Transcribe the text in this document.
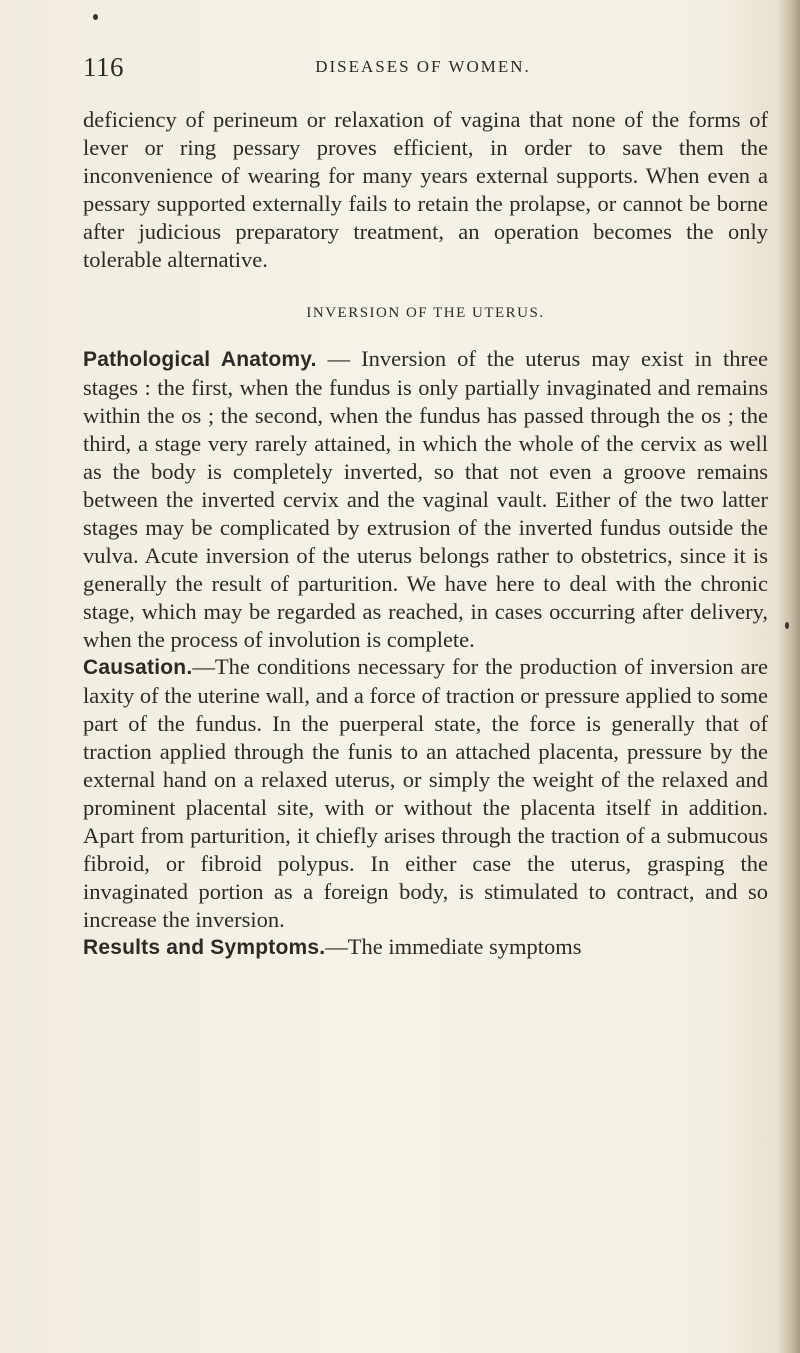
116	DISEASES OF WOMEN.

deficiency of perineum or relaxation of vagina that none of the forms of lever or ring pessary proves efficient, in order to save them the inconvenience of wearing for many years external supports. When even a pessary supported externally fails to retain the prolapse, or cannot be borne after judicious preparatory treatment, an operation becomes the only tolerable alternative.

INVERSION OF THE UTERUS.

Pathological Anatomy. — Inversion of the uterus may exist in three stages : the first, when the fundus is only partially invaginated and remains within the os ; the second, when the fundus has passed through the os ; the third, a stage very rarely attained, in which the whole of the cervix as well as the body is completely inverted, so that not even a groove remains between the inverted cervix and the vaginal vault. Either of the two latter stages may be complicated by extrusion of the inverted fundus outside the vulva. Acute inversion of the uterus belongs rather to obstetrics, since it is generally the result of parturition. We have here to deal with the chronic stage, which may be regarded as reached, in cases occurring after delivery, when the process of involution is complete.

Causation.—The conditions necessary for the production of inversion are laxity of the uterine wall, and a force of traction or pressure applied to some part of the fundus. In the puerperal state, the force is generally that of traction applied through the funis to an attached placenta, pressure by the external hand on a relaxed uterus, or simply the weight of the relaxed and prominent placental site, with or without the placenta itself in addition. Apart from parturition, it chiefly arises through the traction of a submucous fibroid, or fibroid polypus. In either case the uterus, grasping the invaginated portion as a foreign body, is stimulated to contract, and so increase the inversion.

Results and Symptoms.—The immediate symptoms
